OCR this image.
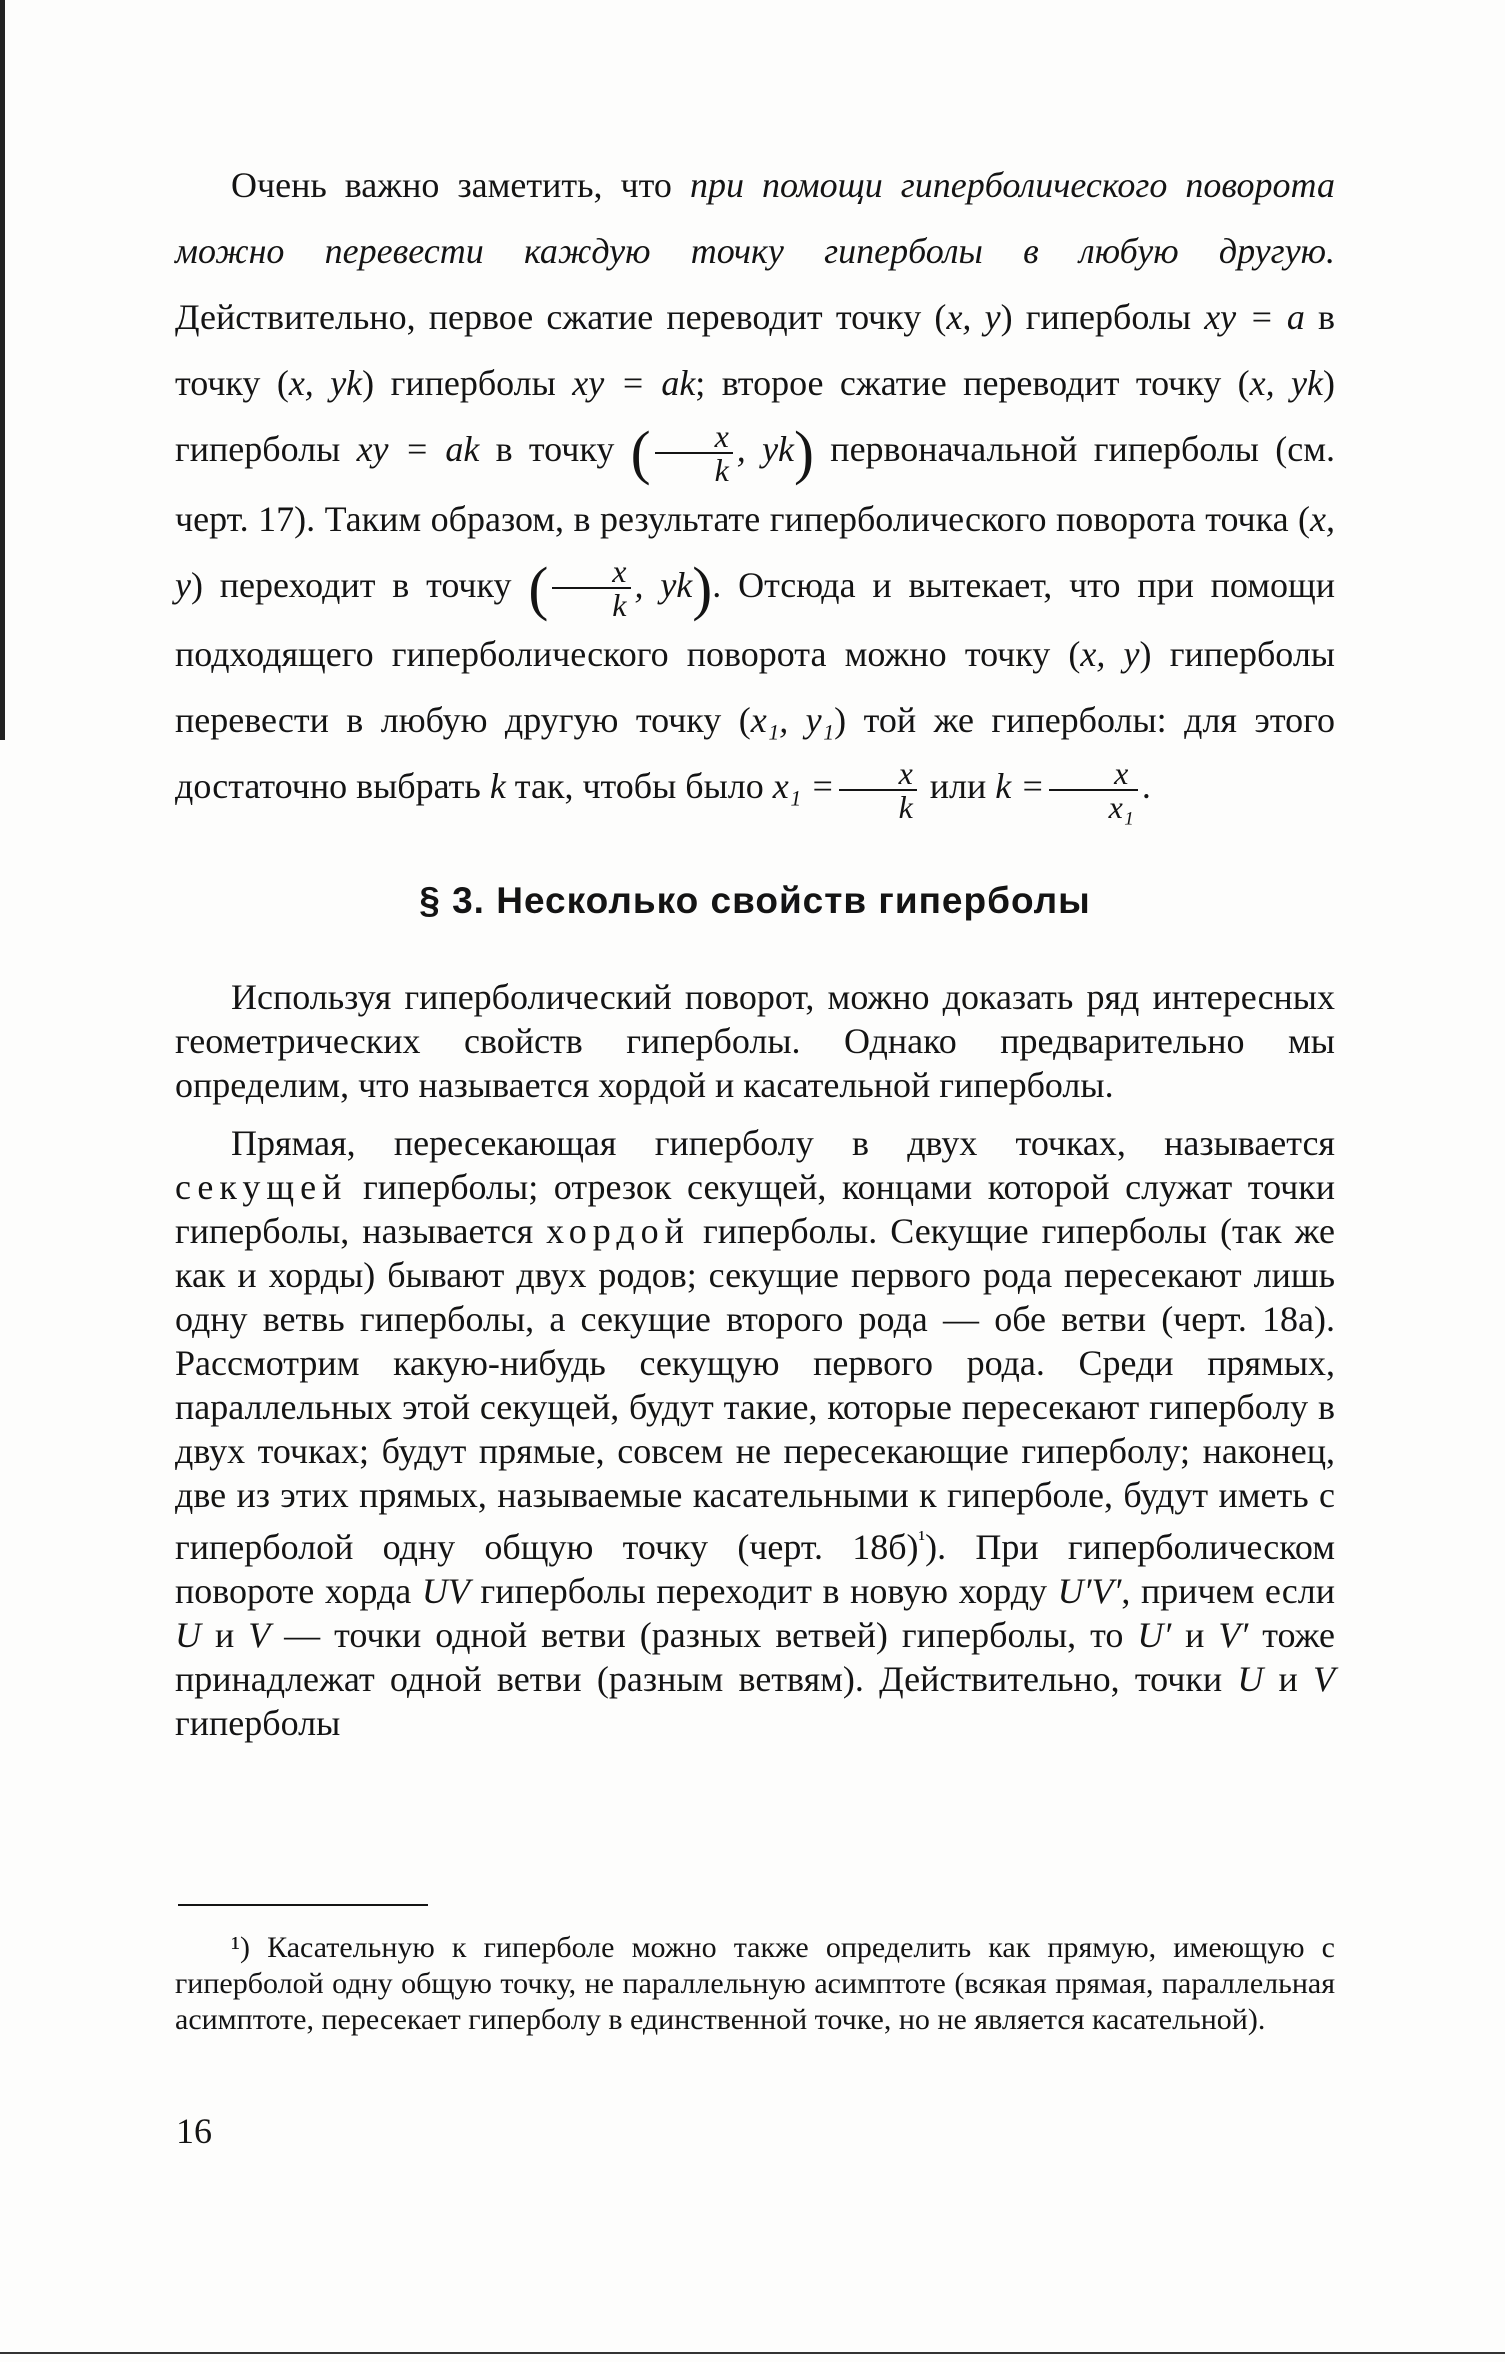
Очень важно заметить, что при помощи гиперболического поворота можно перевести каждую точку гиперболы в любую другую. Действительно, первое сжатие переводит точку (x, y) гиперболы xy = a в точку (x, yk) гиперболы xy = ak; второе сжатие переводит точку (x, yk) гиперболы xy = ak в точку ( $\frac{x}{k}$ , yk) первоначальной гиперболы (см. черт. 17). Таким образом, в результате гиперболического поворота точка (x, y) переходит в точку ( $\frac{x}{k}$ , yk). Отсюда и вытекает, что при помощи подходящего гиперболического поворота можно точку (x, y) гиперболы перевести в любую другую точку (x₁, y₁) той же гиперболы: для этого достаточно выбрать k так, чтобы было $x_1 = \frac{x}{k}$ или $k = \frac{x}{\text{x₁}}$ .

§ 3. Несколько свойств гиперболы

Используя гиперболический поворот, можно доказать ряд интересных геометрических свойств гиперболы. Однако предварительно мы определим, что называется хордой и касательной гиперболы.

Прямая, пересекающая гиперболу в двух точках, называется секущей гиперболы; отрезок секущей, концами которой служат точки гиперболы, называется хордой гиперболы. Секущие гиперболы (так же как и хорды) бывают двух родов; секущие первого рода пересекают лишь одну ветвь гиперболы, а секущие второго рода — обе ветви (черт. 18а). Рассмотрим какую-нибудь секущую первого рода. Среди прямых, параллельных этой секущей, будут такие, которые пересекают гиперболу в двух точках; будут прямые, совсем не пересекающие гиперболу; наконец, две из этих прямых, называемые касательными к гиперболе, будут иметь с гиперболой одну общую точку (черт. 18б)$^{^1}$). При гиперболическом повороте хорда UV гиперболы переходит в новую хорду U′V′, причем если U и V — точки одной ветви (разных ветвей) гиперболы, то U′ и V′ тоже принадлежат одной ветви (разным ветвям). Действительно, точки U и V гиперболы

¹) Касательную к гиперболе можно также определить как прямую, имеющую с гиперболой одну общую точку, не параллельную асимптоте (всякая прямая, параллельная асимптоте, пересекает гиперболу в единственной точке, но не является касательной).

16
